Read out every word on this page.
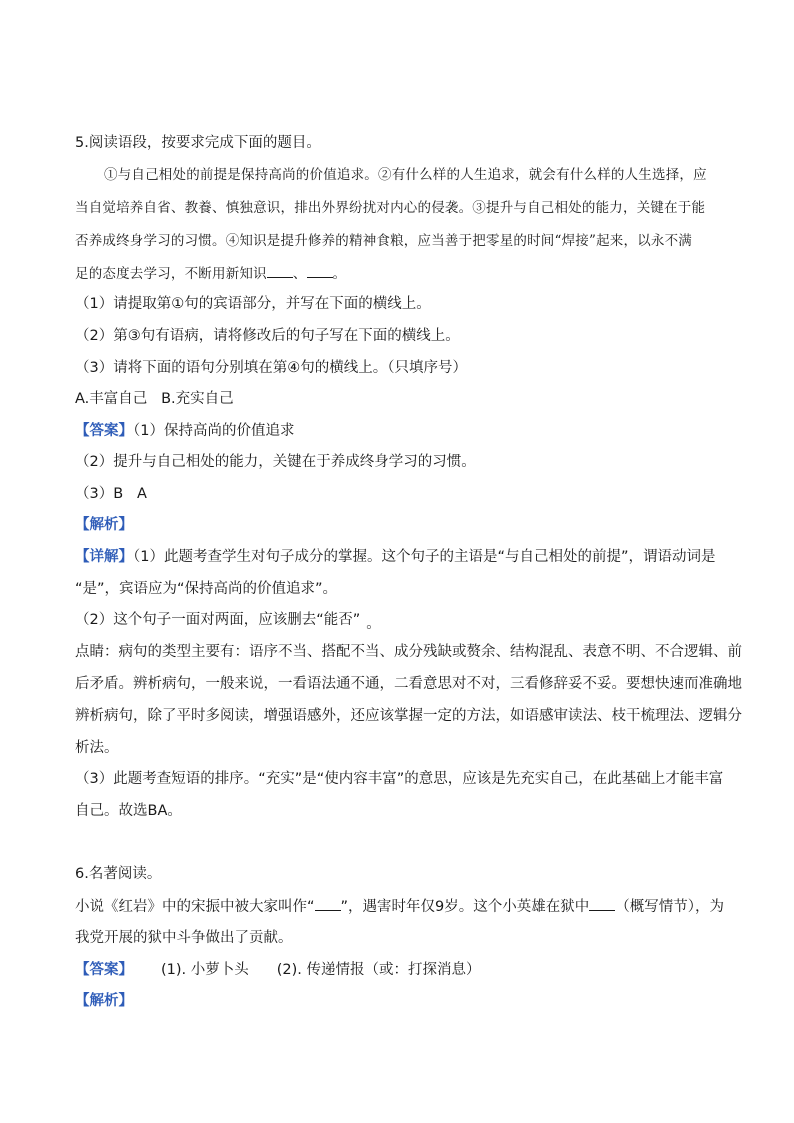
5.阅读语段，按要求完成下面的题目。
①与自己相处的前提是保持高尚的价值追求。②有什么样的人生追求，就会有什么样的人生选择，应
当自觉培养自省、教養、慎独意识，排出外界纷扰对内心的侵袭。③提升与自己相处的能力，关键在于能
否养成终身学习的习惯。④知识是提升修养的精神食粮，应当善于把零星的时间“焊接”起来，以永不满
足的态度去学习，不断用新知识 、 。
（1）请提取第①句的宾语部分，并写在下面的横线上。
（2）第③句有语病，请将修改后的句子写在下面的横线上。
（3）请将下面的语句分别填在第④句的横线上。（只填序号）
A.丰富自己   B.充实自己
【答案】（1）保持高尚的价值追求
（2）提升与自己相处的能力，关键在于养成终身学习的习惯。
（3）B   A
【解析】
【详解】（1）此题考查学生对句子成分的掌握。这个句子的主语是“与自己相处的前提”，谓语动词是
“是”，宾语应为“保持高尚的价值追求”。
（2）这个句子一面对两面，应该删去“能否” 。
点睛：病句的类型主要有：语序不当、搭配不当、成分残缺或赘余、结构混乱、表意不明、不合逻辑、前
后矛盾。辨析病句，一般来说，一看语法通不通，二看意思对不对，三看修辞妥不妥。要想快速而准确地
辨析病句，除了平时多阅读，增强语感外，还应该掌握一定的方法，如语感审读法、枝干梳理法、逻辑分
析法。
（3）此题考查短语的排序。“充实”是“使内容丰富”的意思，应该是先充实自己，在此基础上才能丰富
自己。故选BA。
6.名著阅读。
小说《红岩》中的宋振中被大家叫作“ ”，遇害时年仅9岁。这个小英雄在狱中 （概写情节），为
我党开展的狱中斗争做出了贡献。
【答案】 (1). 小萝卜头 (2). 传递情报（或：打探消息）
【解析】
